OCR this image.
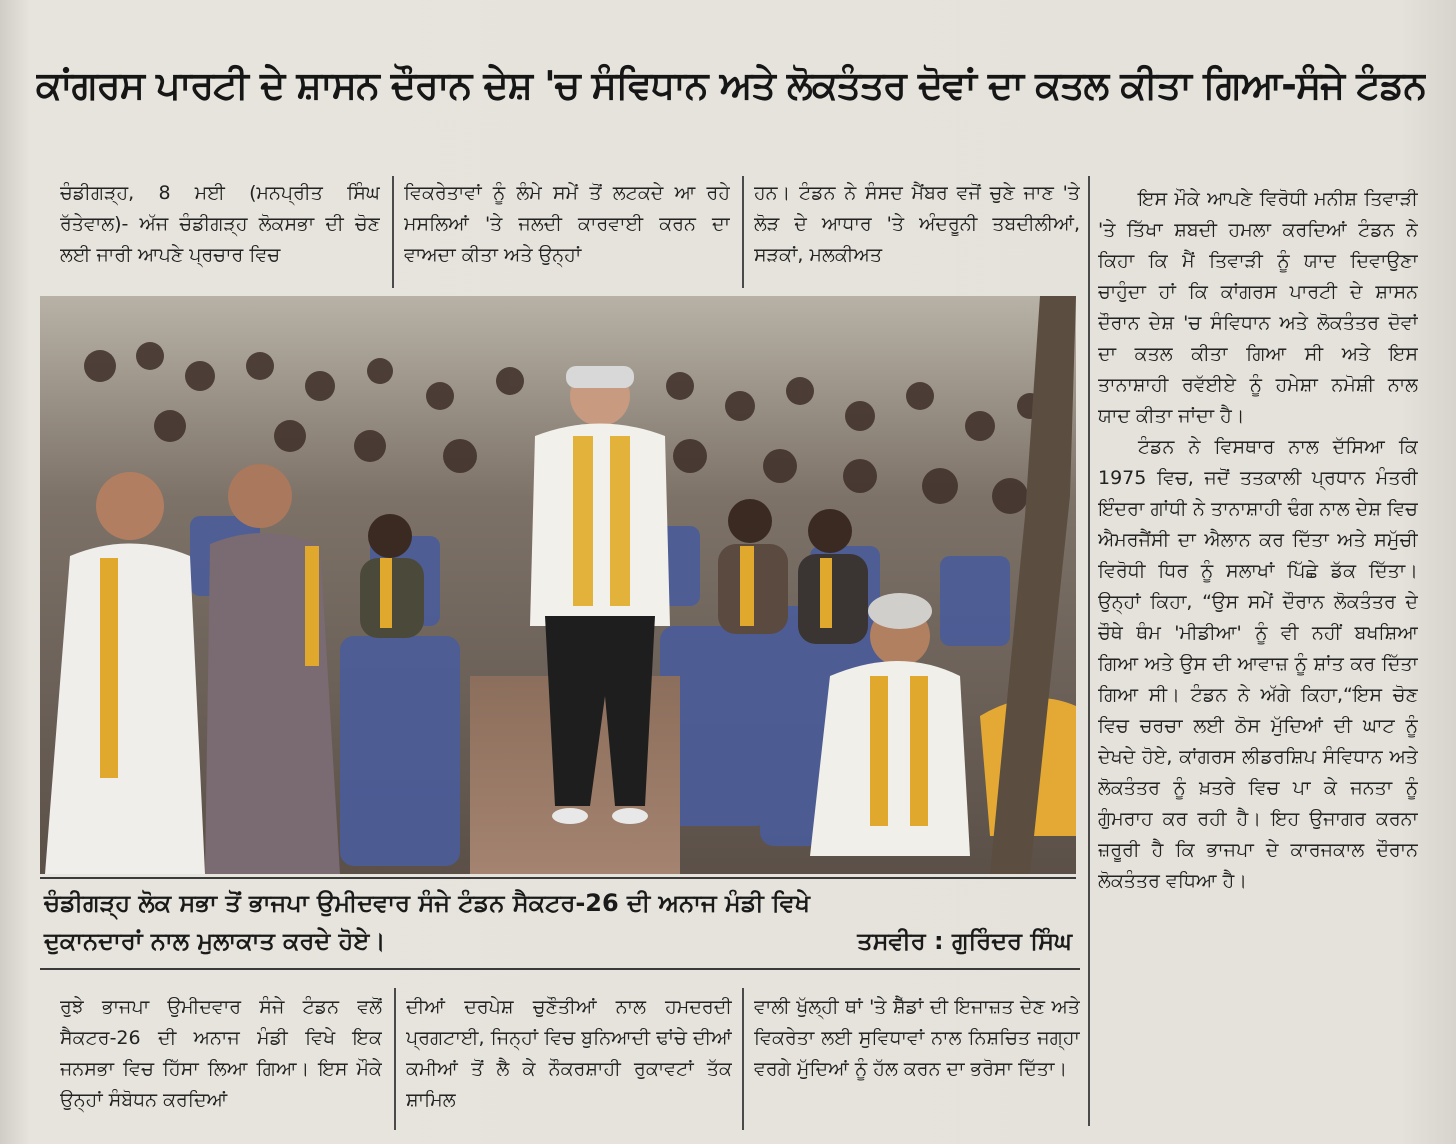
ਕਾਂਗਰਸ ਪਾਰਟੀ ਦੇ ਸ਼ਾਸਨ ਦੌਰਾਨ ਦੇਸ਼ 'ਚ ਸੰਵਿਧਾਨ ਅਤੇ ਲੋਕਤੰਤਰ ਦੋਵਾਂ ਦਾ ਕਤਲ ਕੀਤਾ ਗਿਆ-ਸੰਜੇ ਟੰਡਨ

ਚੰਡੀਗੜ੍ਹ, 8 ਮਈ (ਮਨਪ੍ਰੀਤ ਸਿੰਘ ਰੱਤੇਵਾਲ)- ਅੱਜ ਚੰਡੀਗੜ੍ਹ ਲੋਕਸਭਾ ਦੀ ਚੋਣ ਲਈ ਜਾਰੀ ਆਪਣੇ ਪ੍ਰਚਾਰ ਵਿਚ

ਵਿਕਰੇਤਾਵਾਂ ਨੂੰ ਲੰਮੇ ਸਮੇਂ ਤੋਂ ਲਟਕਦੇ ਆ ਰਹੇ ਮਸਲਿਆਂ 'ਤੇ ਜਲਦੀ ਕਾਰਵਾਈ ਕਰਨ ਦਾ ਵਾਅਦਾ ਕੀਤਾ ਅਤੇ ਉਨ੍ਹਾਂ

ਹਨ। ਟੰਡਨ ਨੇ ਸੰਸਦ ਮੈਂਬਰ ਵਜੋਂ ਚੁਣੇ ਜਾਣ 'ਤੇ ਲੋੜ ਦੇ ਆਧਾਰ 'ਤੇ ਅੰਦਰੂਨੀ ਤਬਦੀਲੀਆਂ, ਸੜਕਾਂ, ਮਲਕੀਅਤ

ਇਸ ਮੌਕੇ ਆਪਣੇ ਵਿਰੋਧੀ ਮਨੀਸ਼ ਤਿਵਾੜੀ 'ਤੇ ਤਿੱਖਾ ਸ਼ਬਦੀ ਹਮਲਾ ਕਰਦਿਆਂ ਟੰਡਨ ਨੇ ਕਿਹਾ ਕਿ ਮੈਂ ਤਿਵਾੜੀ ਨੂੰ ਯਾਦ ਦਿਵਾਉਣਾ ਚਾਹੁੰਦਾ ਹਾਂ ਕਿ ਕਾਂਗਰਸ ਪਾਰਟੀ ਦੇ ਸ਼ਾਸਨ ਦੌਰਾਨ ਦੇਸ਼ 'ਚ ਸੰਵਿਧਾਨ ਅਤੇ ਲੋਕਤੰਤਰ ਦੋਵਾਂ ਦਾ ਕਤਲ ਕੀਤਾ ਗਿਆ ਸੀ ਅਤੇ ਇਸ ਤਾਨਾਸ਼ਾਹੀ ਰਵੱਈਏ ਨੂੰ ਹਮੇਸ਼ਾ ਨਮੋਸ਼ੀ ਨਾਲ ਯਾਦ ਕੀਤਾ ਜਾਂਦਾ ਹੈ।

ਟੰਡਨ ਨੇ ਵਿਸਥਾਰ ਨਾਲ ਦੱਸਿਆ ਕਿ 1975 ਵਿਚ, ਜਦੋਂ ਤਤਕਾਲੀ ਪ੍ਰਧਾਨ ਮੰਤਰੀ ਇੰਦਰਾ ਗਾਂਧੀ ਨੇ ਤਾਨਾਸ਼ਾਹੀ ਢੰਗ ਨਾਲ ਦੇਸ਼ ਵਿਚ ਐਮਰਜੈਂਸੀ ਦਾ ਐਲਾਨ ਕਰ ਦਿੱਤਾ ਅਤੇ ਸਮੁੱਚੀ ਵਿਰੋਧੀ ਧਿਰ ਨੂੰ ਸਲਾਖਾਂ ਪਿੱਛੇ ਡੱਕ ਦਿੱਤਾ। ਉਨ੍ਹਾਂ ਕਿਹਾ, “ਉਸ ਸਮੇਂ ਦੌਰਾਨ ਲੋਕਤੰਤਰ ਦੇ ਚੌਥੇ ਥੰਮ 'ਮੀਡੀਆ' ਨੂੰ ਵੀ ਨਹੀਂ ਬਖਸ਼ਿਆ ਗਿਆ ਅਤੇ ਉਸ ਦੀ ਆਵਾਜ਼ ਨੂੰ ਸ਼ਾਂਤ ਕਰ ਦਿੱਤਾ ਗਿਆ ਸੀ। ਟੰਡਨ ਨੇ ਅੱਗੇ ਕਿਹਾ,“ਇਸ ਚੋਣ ਵਿਚ ਚਰਚਾ ਲਈ ਠੋਸ ਮੁੱਦਿਆਂ ਦੀ ਘਾਟ ਨੂੰ ਦੇਖਦੇ ਹੋਏ, ਕਾਂਗਰਸ ਲੀਡਰਸ਼ਿਪ ਸੰਵਿਧਾਨ ਅਤੇ ਲੋਕਤੰਤਰ ਨੂੰ ਖ਼ਤਰੇ ਵਿਚ ਪਾ ਕੇ ਜਨਤਾ ਨੂੰ ਗੁੰਮਰਾਹ ਕਰ ਰਹੀ ਹੈ। ਇਹ ਉਜਾਗਰ ਕਰਨਾ ਜ਼ਰੂਰੀ ਹੈ ਕਿ ਭਾਜਪਾ ਦੇ ਕਾਰਜਕਾਲ ਦੌਰਾਨ ਲੋਕਤੰਤਰ ਵਧਿਆ ਹੈ।

ਚੰਡੀਗੜ੍ਹ ਲੋਕ ਸਭਾ ਤੋਂ ਭਾਜਪਾ ਉਮੀਦਵਾਰ ਸੰਜੇ ਟੰਡਨ ਸੈਕਟਰ-26 ਦੀ ਅਨਾਜ ਮੰਡੀ ਵਿਖੇ ਦੁਕਾਨਦਾਰਾਂ ਨਾਲ ਮੁਲਾਕਾਤ ਕਰਦੇ ਹੋਏ।	ਤਸਵੀਰ : ਗੁਰਿੰਦਰ ਸਿੰਘ

ਰੁਝੇ ਭਾਜਪਾ ਉਮੀਦਵਾਰ ਸੰਜੇ ਟੰਡਨ ਵਲੋਂ ਸੈਕਟਰ-26 ਦੀ ਅਨਾਜ ਮੰਡੀ ਵਿਖੇ ਇਕ ਜਨਸਭਾ ਵਿਚ ਹਿੱਸਾ ਲਿਆ ਗਿਆ। ਇਸ ਮੌਕੇ ਉਨ੍ਹਾਂ ਸੰਬੋਧਨ ਕਰਦਿਆਂ

ਦੀਆਂ ਦਰਪੇਸ਼ ਚੁਣੌਤੀਆਂ ਨਾਲ ਹਮਦਰਦੀ ਪ੍ਰਗਟਾਈ, ਜਿਨ੍ਹਾਂ ਵਿਚ ਬੁਨਿਆਦੀ ਢਾਂਚੇ ਦੀਆਂ ਕਮੀਆਂ ਤੋਂ ਲੈ ਕੇ ਨੌਕਰਸ਼ਾਹੀ ਰੁਕਾਵਟਾਂ ਤੱਕ ਸ਼ਾਮਿਲ

ਵਾਲੀ ਖੁੱਲ੍ਹੀ ਥਾਂ 'ਤੇ ਸ਼ੈੱਡਾਂ ਦੀ ਇਜਾਜ਼ਤ ਦੇਣ ਅਤੇ ਵਿਕਰੇਤਾ ਲਈ ਸੁਵਿਧਾਵਾਂ ਨਾਲ ਨਿਸ਼ਚਿਤ ਜਗ੍ਹਾ ਵਰਗੇ ਮੁੱਦਿਆਂ ਨੂੰ ਹੱਲ ਕਰਨ ਦਾ ਭਰੋਸਾ ਦਿੱਤਾ।
